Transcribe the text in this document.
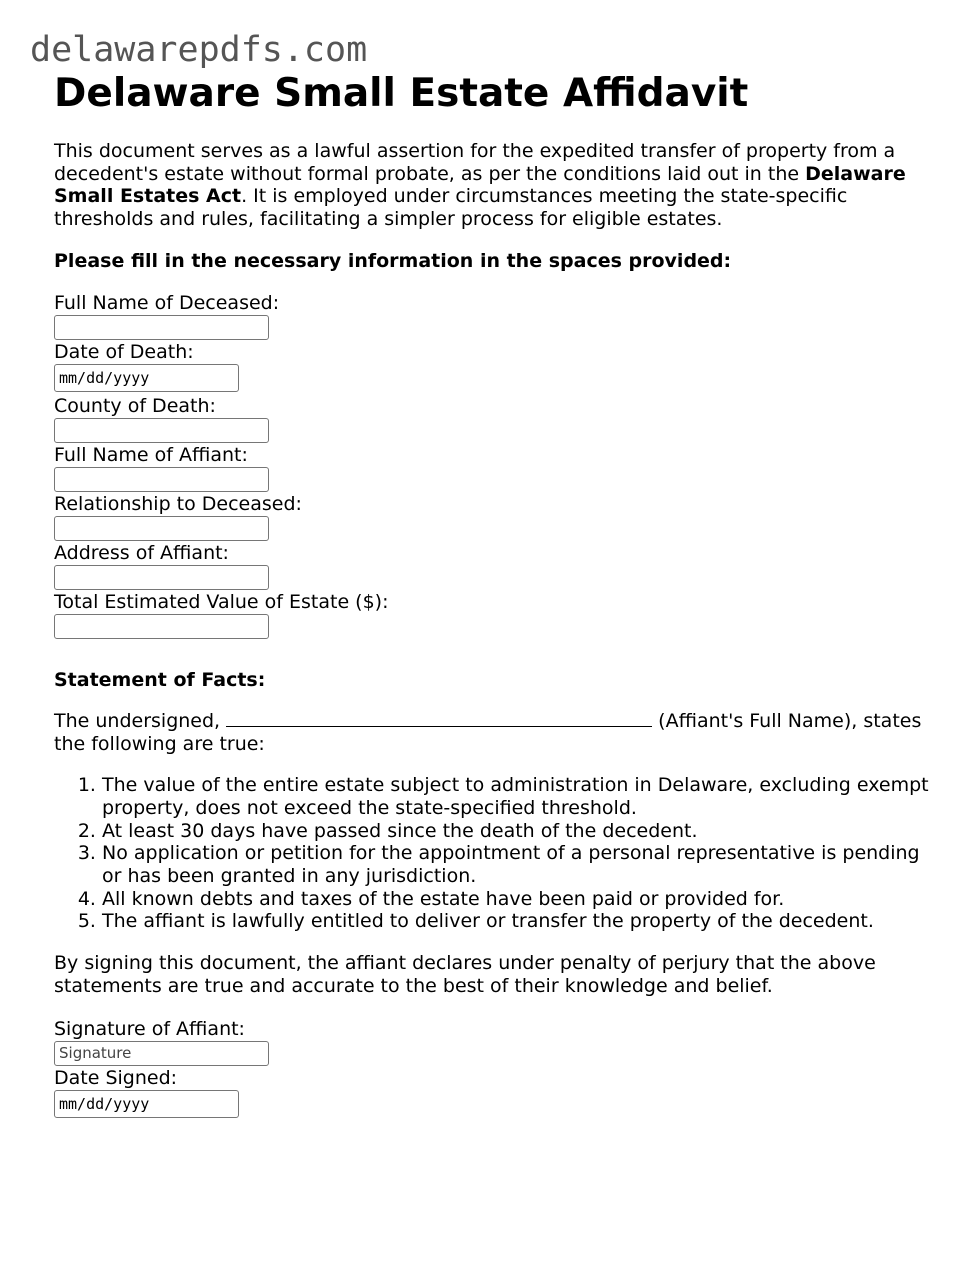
delawarepdfs.com
Delaware Small Estate Affidavit

This document serves as a lawful assertion for the expedited transfer of property from a decedent's estate without formal probate, as per the conditions laid out in the Delaware Small Estates Act. It is employed under circumstances meeting the state-specific thresholds and rules, facilitating a simpler process for eligible estates.

Please fill in the necessary information in the spaces provided:

Full Name of Deceased:
Date of Death:
mm/dd/yyyy
County of Death:
Full Name of Affiant:
Relationship to Deceased:
Address of Affiant:
Total Estimated Value of Estate ($):

Statement of Facts:

The undersigned,	(Affiant's Full Name), states the following are true:

1. The value of the entire estate subject to administration in Delaware, excluding exempt property, does not exceed the state-specified threshold.
2. At least 30 days have passed since the death of the decedent.
3. No application or petition for the appointment of a personal representative is pending or has been granted in any jurisdiction.
4. All known debts and taxes of the estate have been paid or provided for.
5. The affiant is lawfully entitled to deliver or transfer the property of the decedent.

By signing this document, the affiant declares under penalty of perjury that the above statements are true and accurate to the best of their knowledge and belief.

Signature of Affiant:
Signature
Date Signed:
mm/dd/yyyy
